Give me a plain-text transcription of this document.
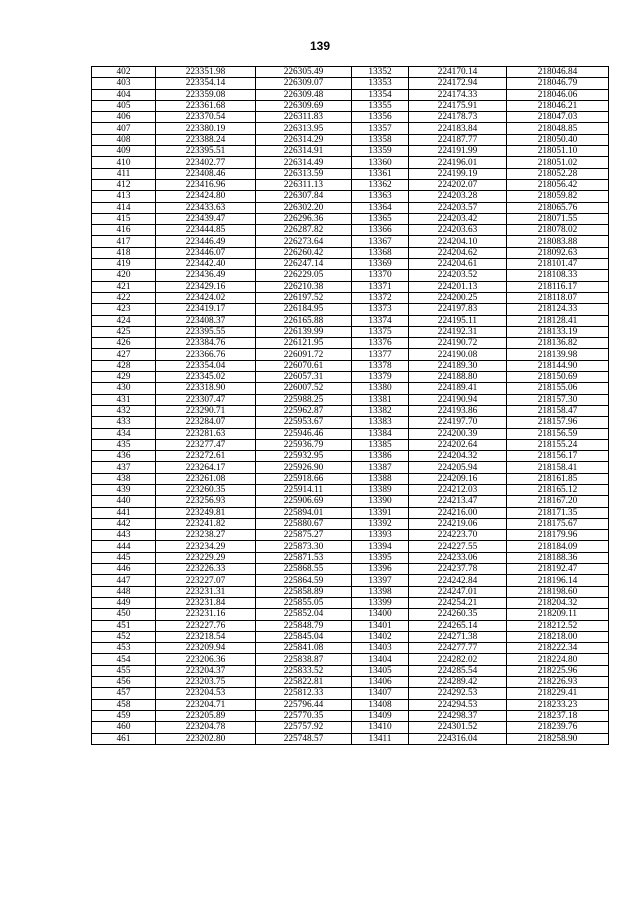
139
402	223351.98	226305.49	13352	224170.14	218046.84
403	223354.14	226309.07	13353	224172.94	218046.79
404	223359.08	226309.48	13354	224174.33	218046.06
405	223361.68	226309.69	13355	224175.91	218046.21
406	223370.54	226311.83	13356	224178.73	218047.03
407	223380.19	226313.95	13357	224183.84	218048.85
408	223388.24	226314.29	13358	224187.77	218050.40
409	223395.51	226314.91	13359	224191.99	218051.10
410	223402.77	226314.49	13360	224196.01	218051.02
411	223408.46	226313.59	13361	224199.19	218052.28
412	223416.96	226311.13	13362	224202.07	218056.42
413	223424.80	226307.84	13363	224203.28	218059.82
414	223433.63	226302.20	13364	224203.57	218065.76
415	223439.47	226296.36	13365	224203.42	218071.55
416	223444.85	226287.82	13366	224203.63	218078.02
417	223446.49	226273.64	13367	224204.10	218083.88
418	223446.07	226260.42	13368	224204.62	218092.63
419	223442.40	226247.14	13369	224204.61	218101.47
420	223436.49	226229.05	13370	224203.52	218108.33
421	223429.16	226210.38	13371	224201.13	218116.17
422	223424.02	226197.52	13372	224200.25	218118.07
423	223419.17	226184.95	13373	224197.83	218124.33
424	223408.37	226165.88	13374	224195.11	218128.41
425	223395.55	226139.99	13375	224192.31	218133.19
426	223384.76	226121.95	13376	224190.72	218136.82
427	223366.76	226091.72	13377	224190.08	218139.98
428	223354.04	226070.61	13378	224189.30	218144.90
429	223345.02	226057.31	13379	224188.80	218150.69
430	223318.90	226007.52	13380	224189.41	218155.06
431	223307.47	225988.25	13381	224190.94	218157.30
432	223290.71	225962.87	13382	224193.86	218158.47
433	223284.07	225953.67	13383	224197.70	218157.96
434	223281.63	225946.46	13384	224200.39	218156.59
435	223277.47	225936.79	13385	224202.64	218155.24
436	223272.61	225932.95	13386	224204.32	218156.17
437	223264.17	225926.90	13387	224205.94	218158.41
438	223261.08	225918.66	13388	224209.16	218161.85
439	223260.35	225914.11	13389	224212.03	218165.12
440	223256.93	225906.69	13390	224213.47	218167.20
441	223249.81	225894.01	13391	224216.00	218171.35
442	223241.82	225880.67	13392	224219.06	218175.67
443	223238.27	225875.27	13393	224223.70	218179.96
444	223234.29	225873.30	13394	224227.55	218184.09
445	223229.29	225871.53	13395	224233.06	218188.36
446	223226.33	225868.55	13396	224237.78	218192.47
447	223227.07	225864.59	13397	224242.84	218196.14
448	223231.31	225858.89	13398	224247.01	218198.60
449	223231.84	225855.05	13399	224254.21	218204.32
450	223231.16	225852.04	13400	224260.35	218209.11
451	223227.76	225848.79	13401	224265.14	218212.52
452	223218.54	225845.04	13402	224271.38	218218.00
453	223209.94	225841.08	13403	224277.77	218222.34
454	223206.36	225838.87	13404	224282.02	218224.80
455	223204.37	225833.52	13405	224285.54	218225.96
456	223203.75	225822.81	13406	224289.42	218226.93
457	223204.53	225812.33	13407	224292.53	218229.41
458	223204.71	225796.44	13408	224294.53	218233.23
459	223205.89	225770.35	13409	224298.37	218237.18
460	223204.78	225757.92	13410	224301.52	218239.76
461	223202.80	225748.57	13411	224316.04	218258.90
